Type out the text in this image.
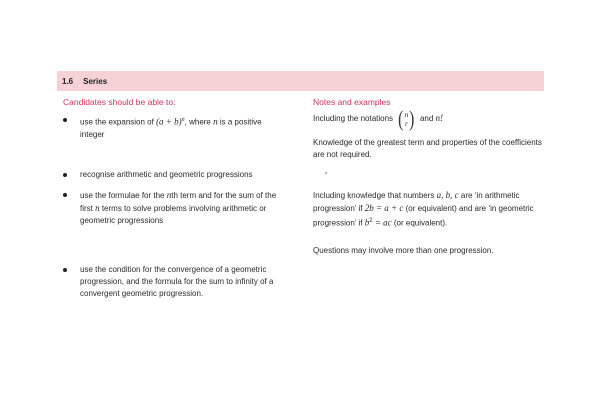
1.6 Series
Candidates should be able to:	Notes and examples
use the expansion of $(a + b)^n$, where n is a positive integer
recognise arithmetic and geometric progressions
use the formulae for the nth term and for the sum of the first n terms to solve problems involving arithmetic or geometric progressions
use the condition for the convergence of a geometric progression, and the formula for the sum to infinity of a convergent geometric progression.
Including the notations ( n
r ) and n!
Knowledge of the greatest term and properties of the coefficients are not required.
Including knowledge that numbers a, b, c are ‘in arithmetic progression’ if 2b = a + c (or equivalent) and are ‘in geometric progression’ if $b^2$ = ac (or equivalent).
Questions may involve more than one progression.
